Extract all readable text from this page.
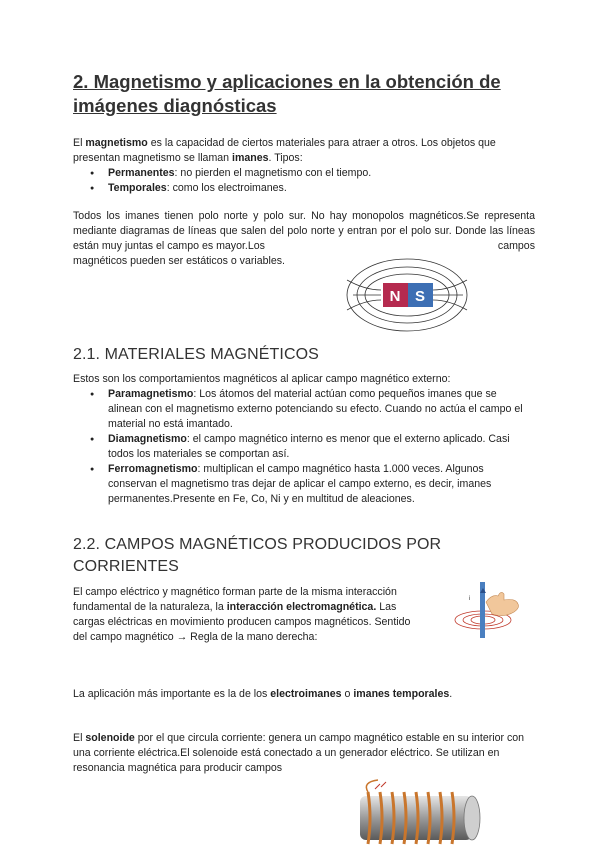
2. Magnetismo y aplicaciones en la obtención de imágenes diagnósticas

El magnetismo es la capacidad de ciertos materiales para atraer a otros. Los objetos que presentan magnetismo se llaman imanes. Tipos:

● Permanentes: no pierden el magnetismo con el tiempo.
● Temporales: como los electroimanes.

Todos los imanes tienen polo norte y polo sur. No hay monopolos magnéticos.Se representa mediante diagramas de líneas que salen del polo norte y entran por el polo sur. Donde las líneas están muy juntas el campo es mayor.Los	campos

magnéticos pueden ser estáticos o variables.

N S
2.1. MATERIALES MAGNÉTICOS

Estos son los comportamientos magnéticos al aplicar campo magnético externo:

● Paramagnetismo: Los átomos del material actúan como pequeños imanes que se alinean con el magnetismo externo potenciando su efecto. Cuando no actúa el campo el material no está imantado.
● Diamagnetismo: el campo magnético interno es menor que el externo aplicado. Casi todos los materiales se comportan así.
● Ferromagnetismo: multiplican el campo magnético hasta 1.000 veces. Algunos conservan el magnetismo tras dejar de aplicar el campo externo, es decir, imanes permanentes.Presente en Fe, Co, Ni y en multitud de aleaciones.
2.2. CAMPOS MAGNÉTICOS PRODUCIDOS POR CORRIENTES

El campo eléctrico y magnético forman parte de la misma interacción fundamental de la naturaleza, la interacción electromagnética. Las cargas eléctricas en movimiento producen campos magnéticos. Sentido del campo magnético → Regla de la mano derecha:

i

La aplicación más importante es la de los electroimanes o imanes temporales.

El solenoide por el que circula corriente: genera un campo magnético estable en su interior con una corriente eléctrica.El solenoide está conectado a un generador eléctrico. Se utilizan en resonancia magnética para producir campos
